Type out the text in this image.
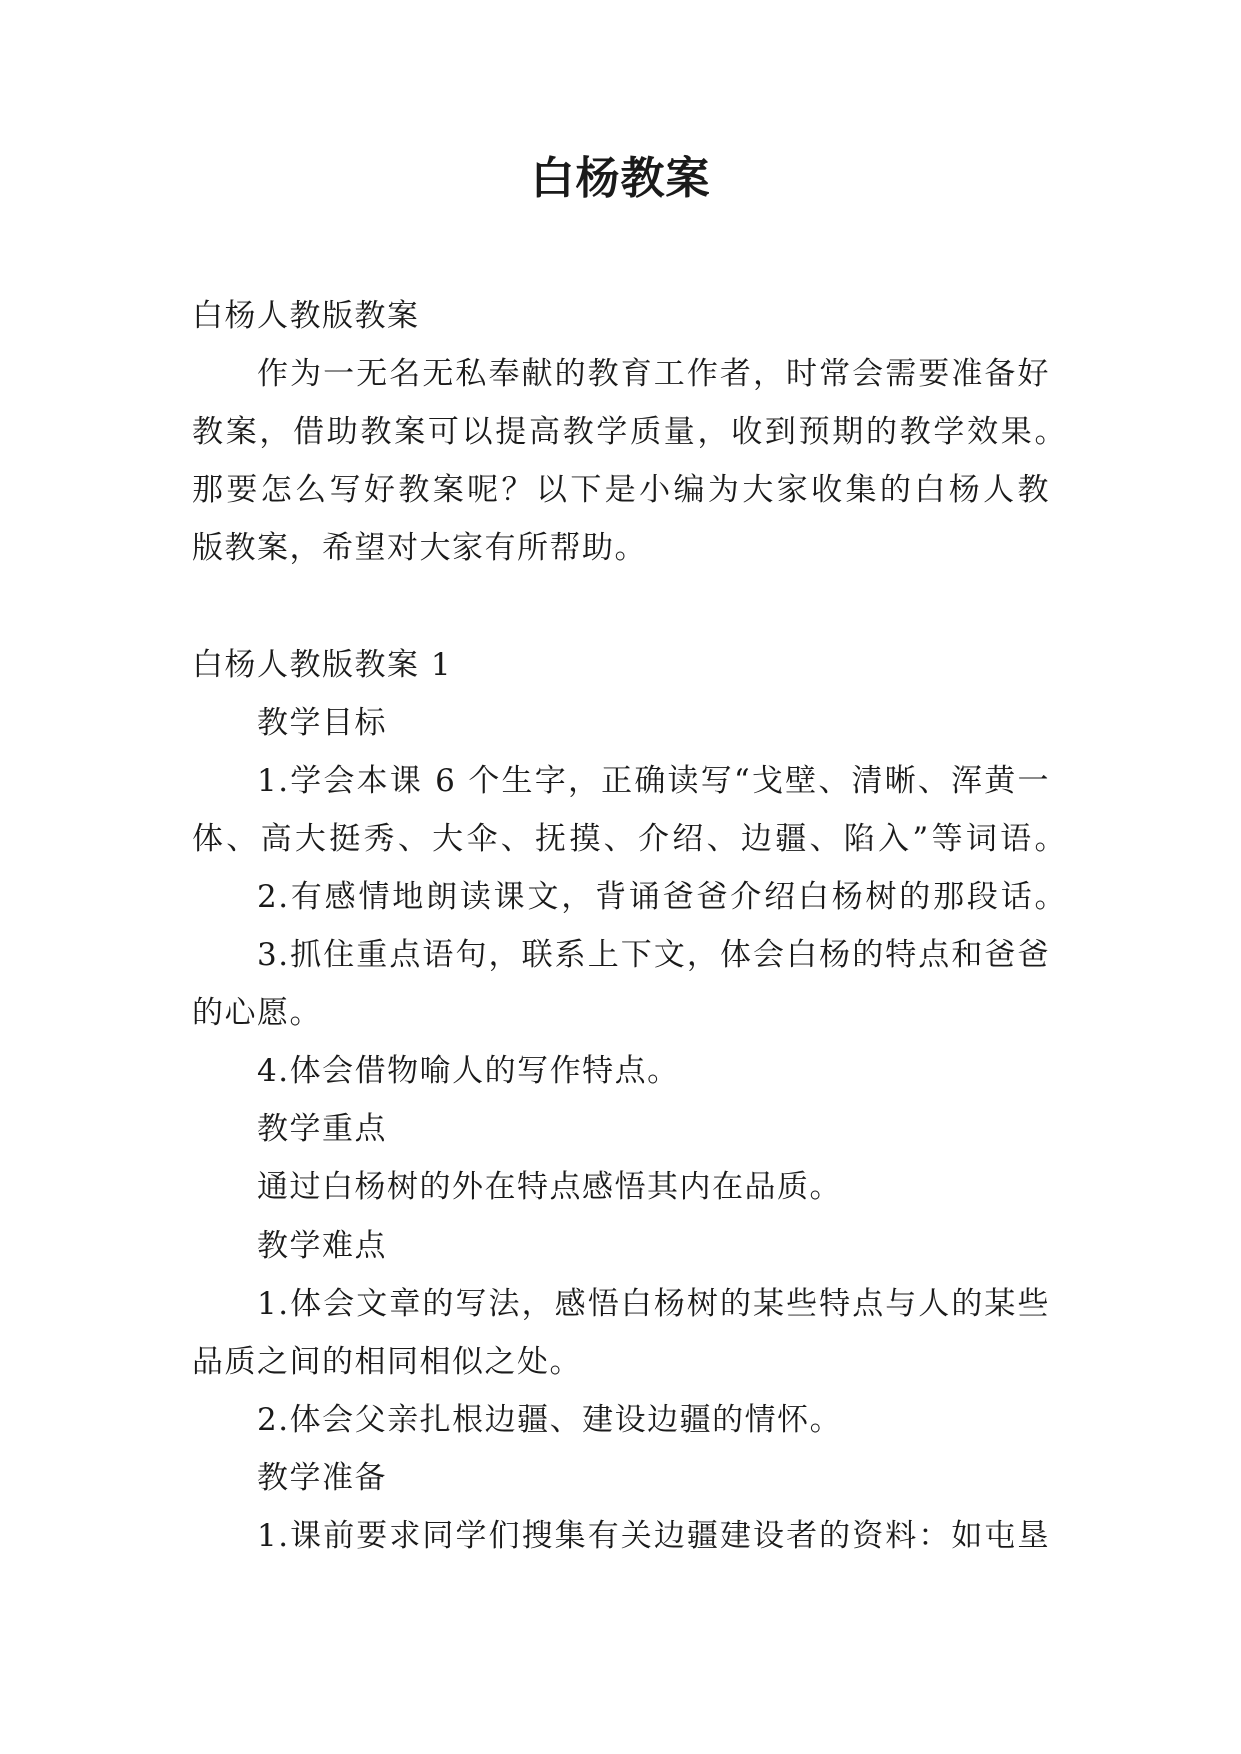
白杨教案
白杨人教版教案
作为一无名无私奉献的教育工作者，时常会需要准备好
教案，借助教案可以提高教学质量，收到预期的教学效果。
那要怎么写好教案呢？以下是小编为大家收集的白杨人教
版教案，希望对大家有所帮助。
白杨人教版教案 1
教学目标
1.学会本课 6 个生字，正确读写“戈壁、清晰、浑黄一
体、高大挺秀、大伞、抚摸、介绍、边疆、陷入”等词语。
2.有感情地朗读课文，背诵爸爸介绍白杨树的那段话。
3.抓住重点语句，联系上下文，体会白杨的特点和爸爸
的心愿。
4.体会借物喻人的写作特点。
教学重点
通过白杨树的外在特点感悟其内在品质。
教学难点
1.体会文章的写法，感悟白杨树的某些特点与人的某些
品质之间的相同相似之处。
2.体会父亲扎根边疆、建设边疆的情怀。
教学准备
1.课前要求同学们搜集有关边疆建设者的资料：如屯垦
